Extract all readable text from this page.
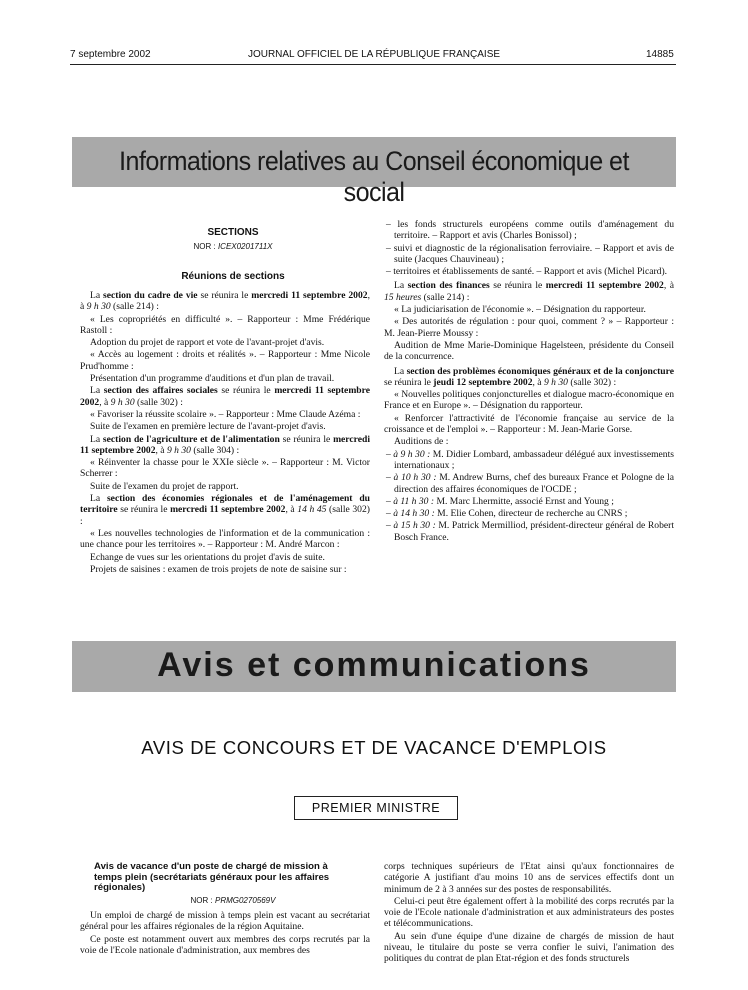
7 septembre 2002	JOURNAL OFFICIEL DE LA RÉPUBLIQUE FRANÇAISE	14885
Informations relatives au Conseil économique et social
SECTIONS
NOR : ICEX0201711X
Réunions de sections

La section du cadre de vie se réunira le mercredi 11 septembre 2002, à 9 h 30 (salle 214) :

« Les copropriétés en difficulté ». – Rapporteur : Mme Frédérique Rastoll :

Adoption du projet de rapport et vote de l'avant-projet d'avis.

« Accès au logement : droits et réalités ». – Rapporteur : Mme Nicole Prud'homme :

Présentation d'un programme d'auditions et d'un plan de travail.

La section des affaires sociales se réunira le mercredi 11 septembre 2002, à 9 h 30 (salle 302) :

« Favoriser la réussite scolaire ». – Rapporteur : Mme Claude Azéma :

Suite de l'examen en première lecture de l'avant-projet d'avis.

La section de l'agriculture et de l'alimentation se réunira le mercredi 11 septembre 2002, à 9 h 30 (salle 304) :

« Réinventer la chasse pour le XXIe siècle ». – Rapporteur : M. Victor Scherrer :

Suite de l'examen du projet de rapport.

La section des économies régionales et de l'aménagement du territoire se réunira le mercredi 11 septembre 2002, à 14 h 45 (salle 302) :

« Les nouvelles technologies de l'information et de la communication : une chance pour les territoires ». – Rapporteur : M. André Marcon :

Echange de vues sur les orientations du projet d'avis de suite.

Projets de saisines : examen de trois projets de note de saisine sur :

– les fonds structurels européens comme outils d'aménagement du territoire. – Rapport et avis (Charles Bonissol) ;

– suivi et diagnostic de la régionalisation ferroviaire. – Rapport et avis de suite (Jacques Chauvineau) ;

– territoires et établissements de santé. – Rapport et avis (Michel Picard).

La section des finances se réunira le mercredi 11 septembre 2002, à 15 heures (salle 214) :

« La judiciarisation de l'économie ». – Désignation du rapporteur.

« Des autorités de régulation : pour quoi, comment ? » – Rapporteur : M. Jean-Pierre Moussy :

Audition de Mme Marie-Dominique Hagelsteen, présidente du Conseil de la concurrence.

La section des problèmes économiques généraux et de la conjoncture se réunira le jeudi 12 septembre 2002, à 9 h 30 (salle 302) :

« Nouvelles politiques conjoncturelles et dialogue macro-économique en France et en Europe ». – Désignation du rapporteur.

« Renforcer l'attractivité de l'économie française au service de la croissance et de l'emploi ». – Rapporteur : M. Jean-Marie Gorse.

Auditions de :

– à 9 h 30 : M. Didier Lombard, ambassadeur délégué aux investissements internationaux ;

– à 10 h 30 : M. Andrew Burns, chef des bureaux France et Pologne de la direction des affaires économiques de l'OCDE ;

– à 11 h 30 : M. Marc Lhermitte, associé Ernst and Young ;

– à 14 h 30 : M. Elie Cohen, directeur de recherche au CNRS ;

– à 15 h 30 : M. Patrick Mermilliod, président-directeur général de Robert Bosch France.

Avis et communications
AVIS DE CONCOURS ET DE VACANCE D'EMPLOIS
PREMIER MINISTRE
Avis de vacance d'un poste de chargé de mission à temps plein (secrétariats généraux pour les affaires régionales)
NOR : PRMG0270569V

Un emploi de chargé de mission à temps plein est vacant au secrétariat général pour les affaires régionales de la région Aquitaine.

Ce poste est notamment ouvert aux membres des corps recrutés par la voie de l'Ecole nationale d'administration, aux membres des

corps techniques supérieurs de l'Etat ainsi qu'aux fonctionnaires de catégorie A justifiant d'au moins 10 ans de services effectifs dont un minimum de 2 à 3 années sur des postes de responsabilités.

Celui-ci peut être également offert à la mobilité des corps recrutés par la voie de l'Ecole nationale d'administration et aux administrateurs des postes et télécommunications.

Au sein d'une équipe d'une dizaine de chargés de mission de haut niveau, le titulaire du poste se verra confier le suivi, l'animation des politiques du contrat de plan Etat-région et des fonds structurels
